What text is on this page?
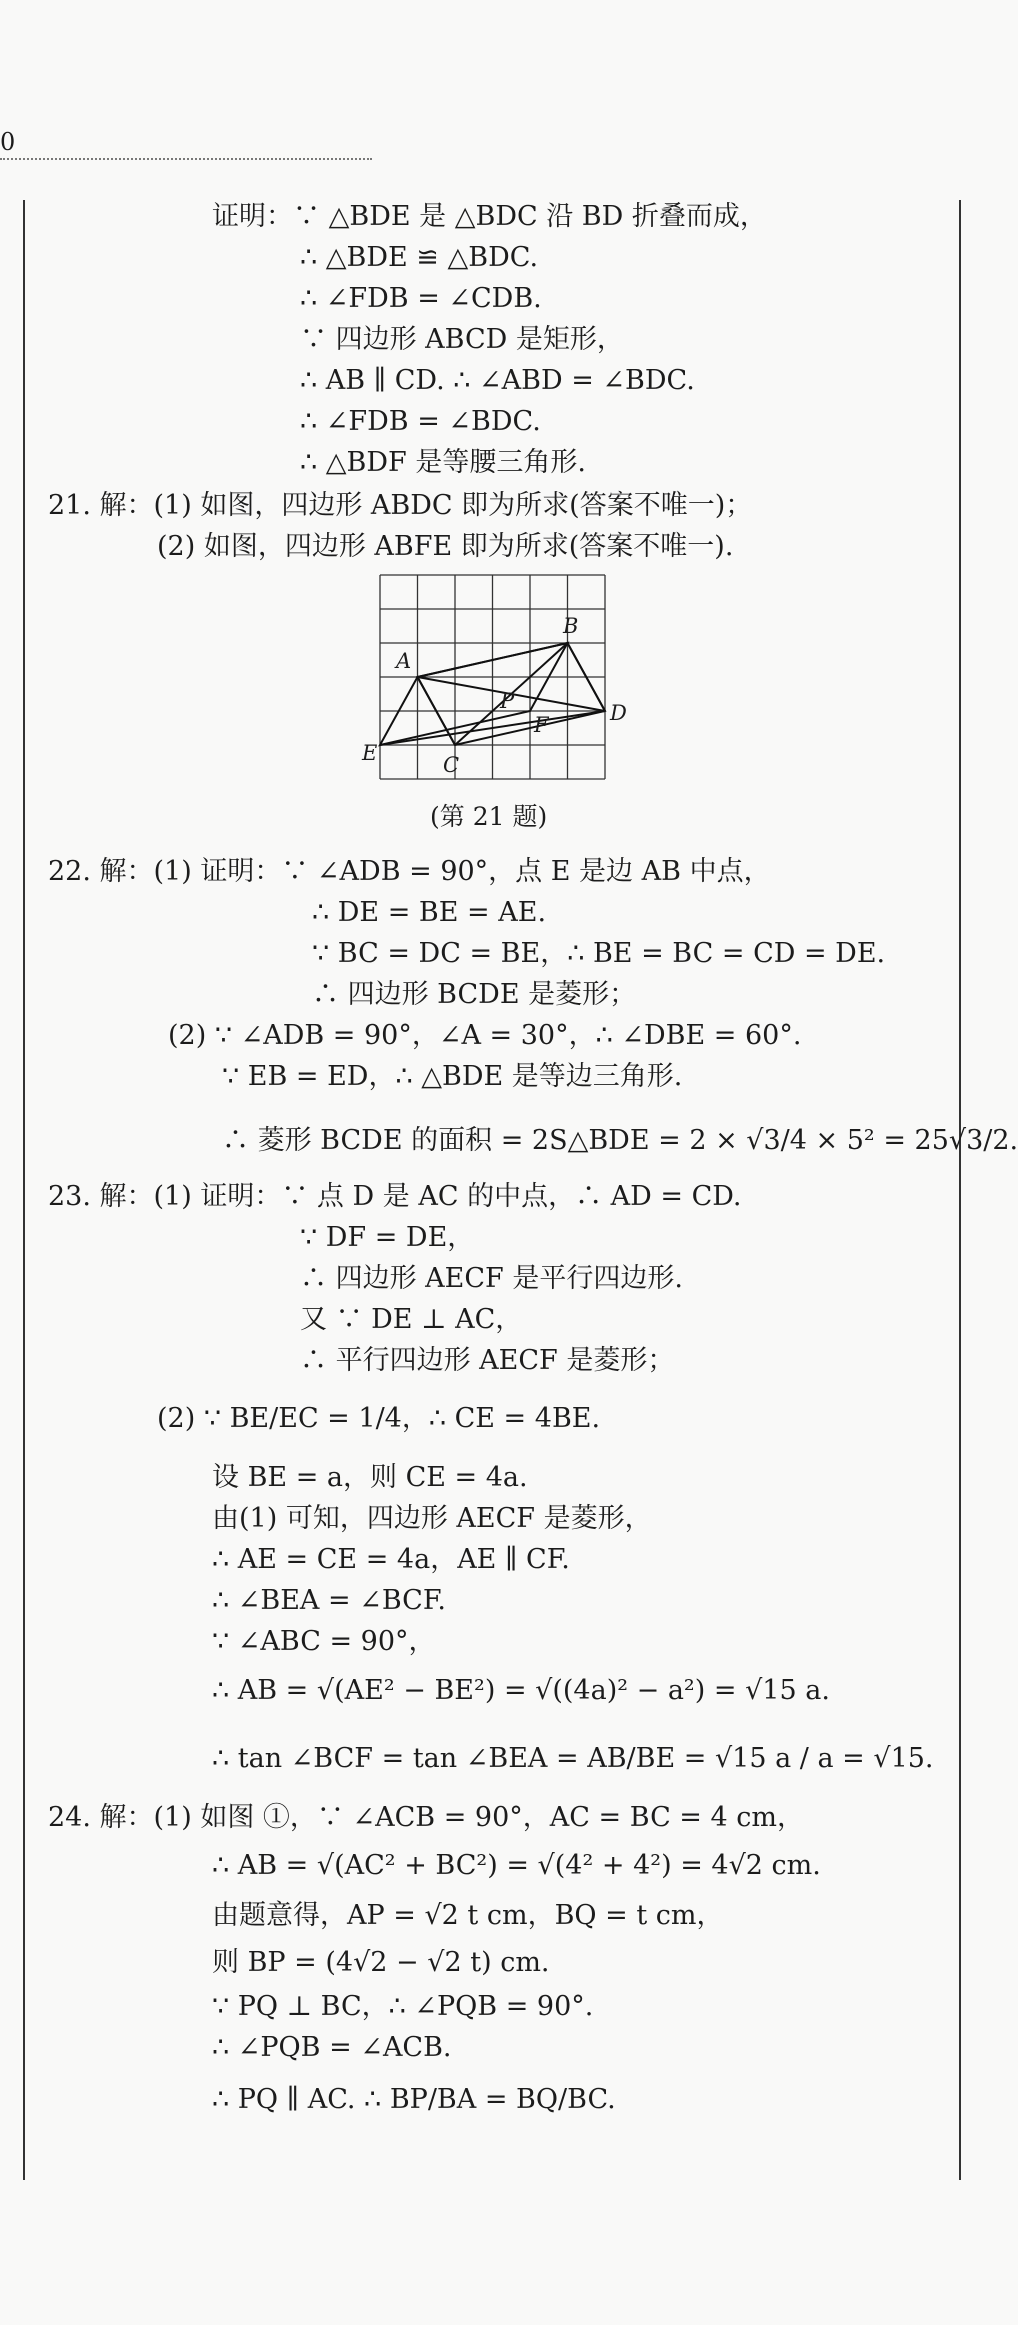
0
证明：∵ △BDE 是 △BDC 沿 BD 折叠而成，
∴ △BDE ≌ △BDC.
∴ ∠FDB = ∠CDB.
∵ 四边形 ABCD 是矩形，
∴ AB ∥ CD. ∴ ∠ABD = ∠BDC.
∴ ∠FDB = ∠BDC.
∴ △BDF 是等腰三角形.
21. 解：(1) 如图，四边形 ABDC 即为所求(答案不唯一)；
(2) 如图，四边形 ABFE 即为所求(答案不唯一).
A
B
C
D
E
F
P
(第 21 题)
22. 解：(1) 证明：∵ ∠ADB = 90°，点 E 是边 AB 中点，
∴ DE = BE = AE.
∵ BC = DC = BE，∴ BE = BC = CD = DE.
∴ 四边形 BCDE 是菱形；
(2) ∵ ∠ADB = 90°，∠A = 30°，∴ ∠DBE = 60°.
∵ EB = ED，∴ △BDE 是等边三角形.
∴ 菱形 BCDE 的面积 = 2S△BDE = 2 × √3/4 × 5² = 25√3/2.
23. 解：(1) 证明：∵ 点 D 是 AC 的中点，∴ AD = CD.
∵ DF = DE，
∴ 四边形 AECF 是平行四边形.
又 ∵ DE ⊥ AC，
∴ 平行四边形 AECF 是菱形；
(2) ∵ BE/EC = 1/4，∴ CE = 4BE.
设 BE = a，则 CE = 4a.
由(1) 可知，四边形 AECF 是菱形，
∴ AE = CE = 4a，AE ∥ CF.
∴ ∠BEA = ∠BCF.
∵ ∠ABC = 90°，
∴ AB = √(AE² − BE²) = √((4a)² − a²) = √15 a.
∴ tan ∠BCF = tan ∠BEA = AB/BE = √15 a / a = √15.
24. 解：(1) 如图 ①，∵ ∠ACB = 90°，AC = BC = 4 cm，
∴ AB = √(AC² + BC²) = √(4² + 4²) = 4√2 cm.
由题意得，AP = √2 t cm，BQ = t cm，
则 BP = (4√2 − √2 t) cm.
∵ PQ ⊥ BC，∴ ∠PQB = 90°.
∴ ∠PQB = ∠ACB.
∴ PQ ∥ AC. ∴ BP/BA = BQ/BC.
